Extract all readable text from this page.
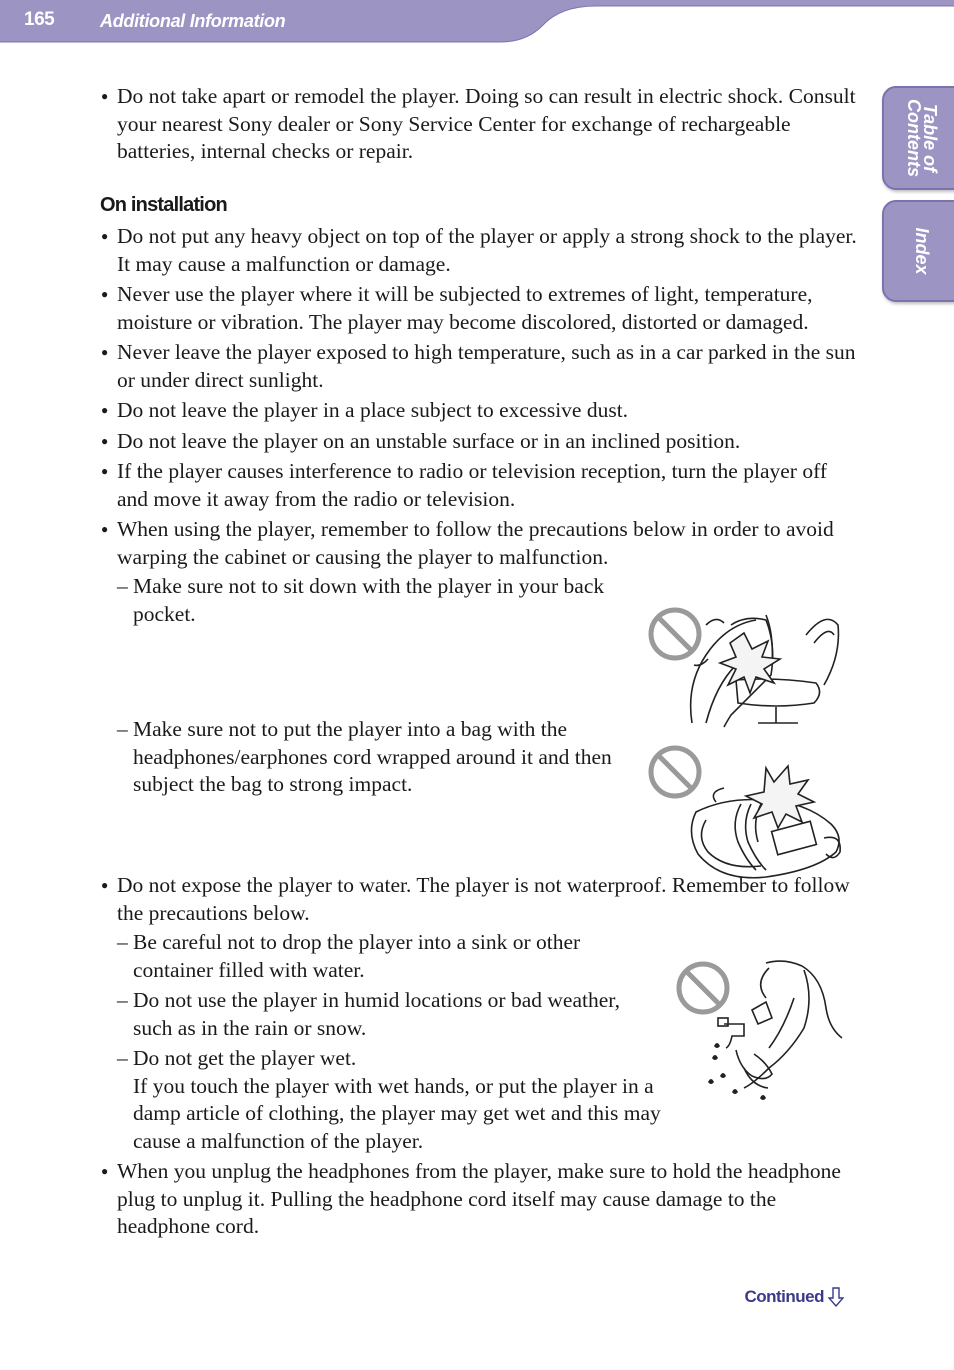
165	Additional Information
Table of
Contents
Index
● Do not take apart or remodel the player. Doing so can result in electric shock. Consult your nearest Sony dealer or Sony Service Center for exchange of rechargeable batteries, internal checks or repair.
On installation
● Do not put any heavy object on top of the player or apply a strong shock to the player. It may cause a malfunction or damage.
● Never use the player where it will be subjected to extremes of light, temperature, moisture or vibration. The player may become discolored, distorted or damaged.
● Never leave the player exposed to high temperature, such as in a car parked in the sun or under direct sunlight.
● Do not leave the player in a place subject to excessive dust.
● Do not leave the player on an unstable surface or in an inclined position.
● If the player causes interference to radio or television reception, turn the player off and move it away from the radio or television.
● When using the player, remember to follow the precautions below in order to avoid warping the cabinet or causing the player to malfunction.
– Make sure not to sit down with the player in your back pocket.
– Make sure not to put the player into a bag with the headphones/earphones cord wrapped around it and then subject the bag to strong impact.
● Do not expose the player to water. The player is not waterproof. Remember to follow the precautions below.
– Be careful not to drop the player into a sink or other container filled with water.
– Do not use the player in humid locations or bad weather, such as in the rain or snow.
– Do not get the player wet.
If you touch the player with wet hands, or put the player in a damp article of clothing, the player may get wet and this may cause a malfunction of the player.
● When you unplug the headphones from the player, make sure to hold the headphone plug to unplug it. Pulling the headphone cord itself may cause damage to the headphone cord.
Continued
